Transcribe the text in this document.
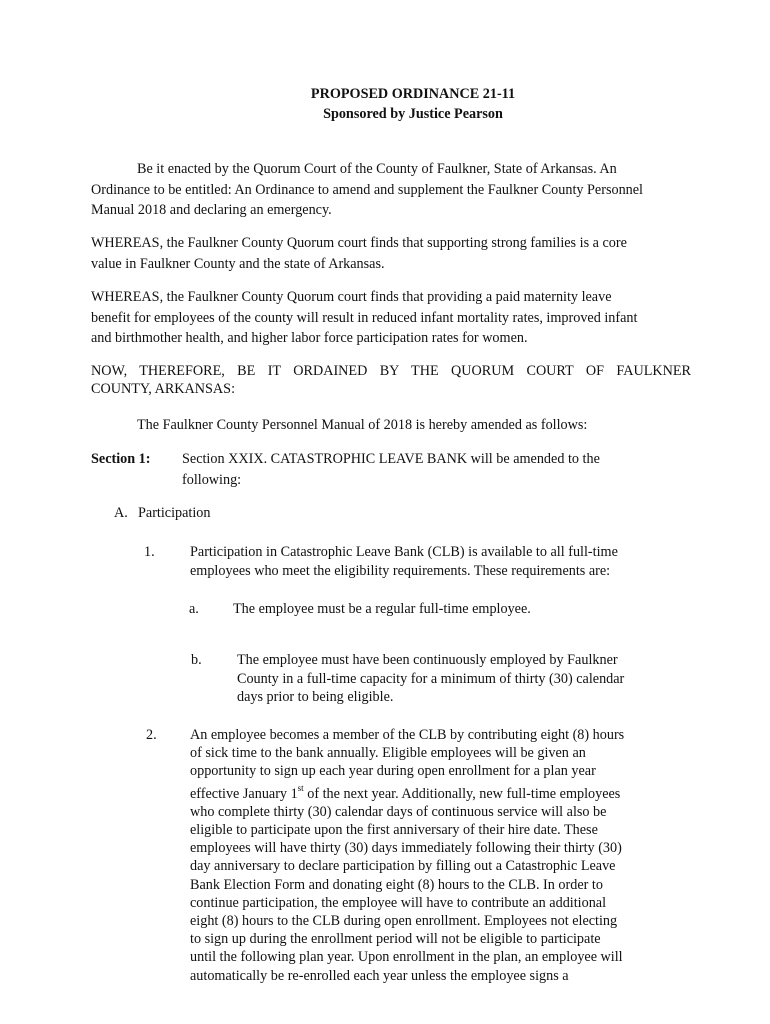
PROPOSED ORDINANCE 21-11
Sponsored by Justice Pearson
Be it enacted by the Quorum Court of the County of Faulkner, State of Arkansas. An
Ordinance to be entitled: An Ordinance to amend and supplement the Faulkner County Personnel
Manual 2018 and declaring an emergency.
WHEREAS, the Faulkner County Quorum court finds that supporting strong families is a core
value in Faulkner County and the state of Arkansas.
WHEREAS, the Faulkner County Quorum court finds that providing a paid maternity leave
benefit for employees of the county will result in reduced infant mortality rates, improved infant
and birthmother health, and higher labor force participation rates for women.
NOW, THEREFORE, BE IT ORDAINED BY THE QUORUM COURT OF FAULKNER
COUNTY, ARKANSAS:
The Faulkner County Personnel Manual of 2018 is hereby amended as follows:
Section 1: Section XXIX. CATASTROPHIC LEAVE BANK will be amended to the
following:
A. Participation
1. Participation in Catastrophic Leave Bank (CLB) is available to all full-time
employees who meet the eligibility requirements. These requirements are:
a. The employee must be a regular full-time employee.
b. The employee must have been continuously employed by Faulkner
County in a full-time capacity for a minimum of thirty (30) calendar
days prior to being eligible.
2. An employee becomes a member of the CLB by contributing eight (8) hours
of sick time to the bank annually. Eligible employees will be given an
opportunity to sign up each year during open enrollment for a plan year
effective January 1st of the next year. Additionally, new full-time employees
who complete thirty (30) calendar days of continuous service will also be
eligible to participate upon the first anniversary of their hire date. These
employees will have thirty (30) days immediately following their thirty (30)
day anniversary to declare participation by filling out a Catastrophic Leave
Bank Election Form and donating eight (8) hours to the CLB. In order to
continue participation, the employee will have to contribute an additional
eight (8) hours to the CLB during open enrollment. Employees not electing
to sign up during the enrollment period will not be eligible to participate
until the following plan year. Upon enrollment in the plan, an employee will
automatically be re-enrolled each year unless the employee signs a
